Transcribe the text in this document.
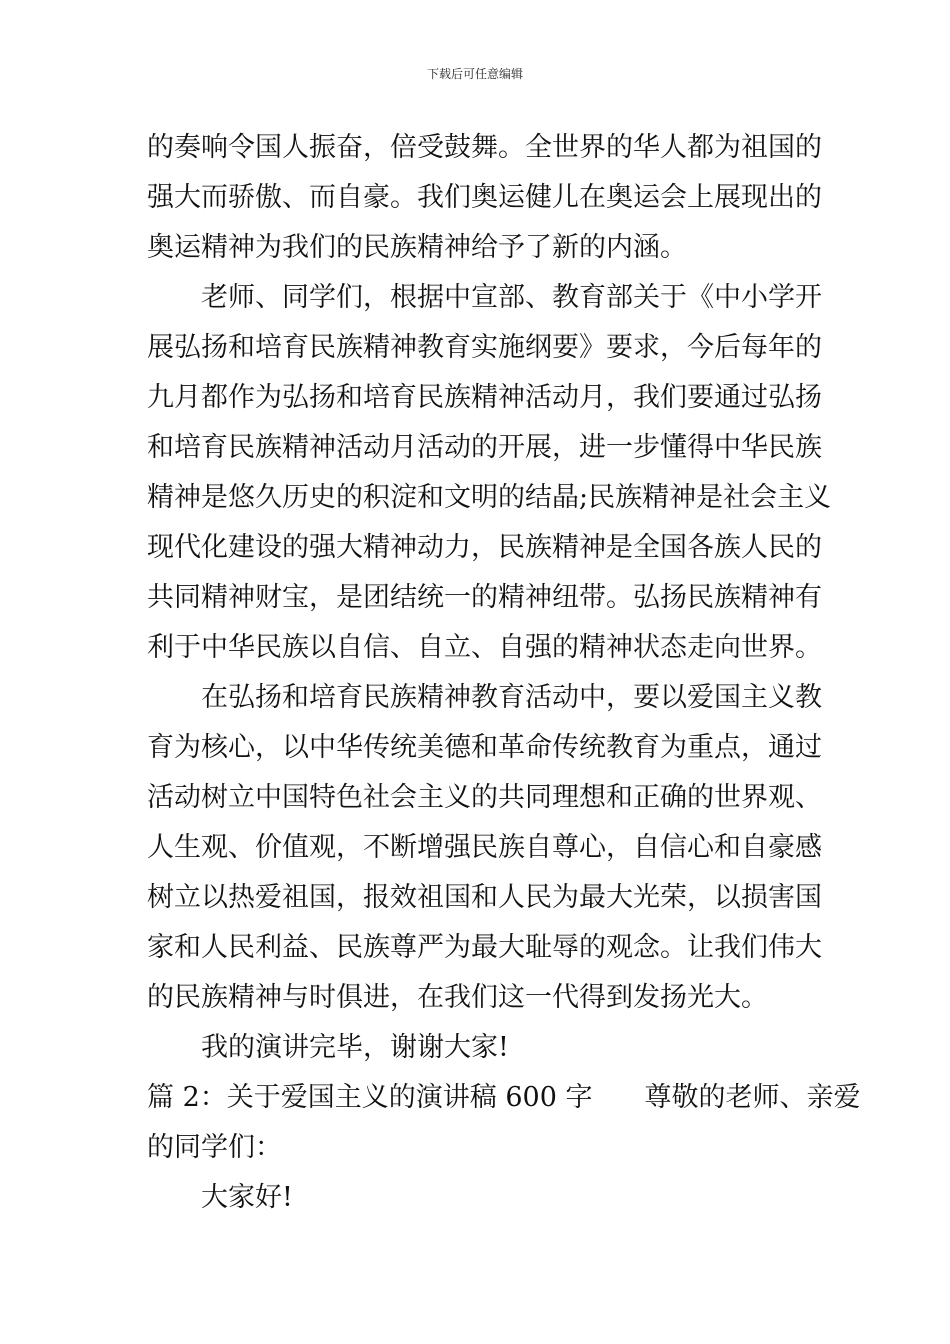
下载后可任意编辑
的奏响令国人振奋，倍受鼓舞。全世界的华人都为祖国的
强大而骄傲、而自豪。我们奥运健儿在奥运会上展现出的
奥运精神为我们的民族精神给予了新的内涵。
　　老师、同学们，根据中宣部、教育部关于《中小学开
展弘扬和培育民族精神教育实施纲要》要求，今后每年的
九月都作为弘扬和培育民族精神活动月，我们要通过弘扬
和培育民族精神活动月活动的开展，进一步懂得中华民族
精神是悠久历史的积淀和文明的结晶;民族精神是社会主义
现代化建设的强大精神动力，民族精神是全国各族人民的
共同精神财宝，是团结统一的精神纽带。弘扬民族精神有
利于中华民族以自信、自立、自强的精神状态走向世界。
　　在弘扬和培育民族精神教育活动中，要以爱国主义教
育为核心，以中华传统美德和革命传统教育为重点，通过
活动树立中国特色社会主义的共同理想和正确的世界观、
人生观、价值观，不断增强民族自尊心，自信心和自豪感
树立以热爱祖国，报效祖国和人民为最大光荣，以损害国
家和人民利益、民族尊严为最大耻辱的观念。让我们伟大
的民族精神与时俱进，在我们这一代得到发扬光大。
　　我的演讲完毕，谢谢大家!
篇 2：关于爱国主义的演讲稿 600 字 尊敬的老师、亲爱
的同学们：
　　大家好!
